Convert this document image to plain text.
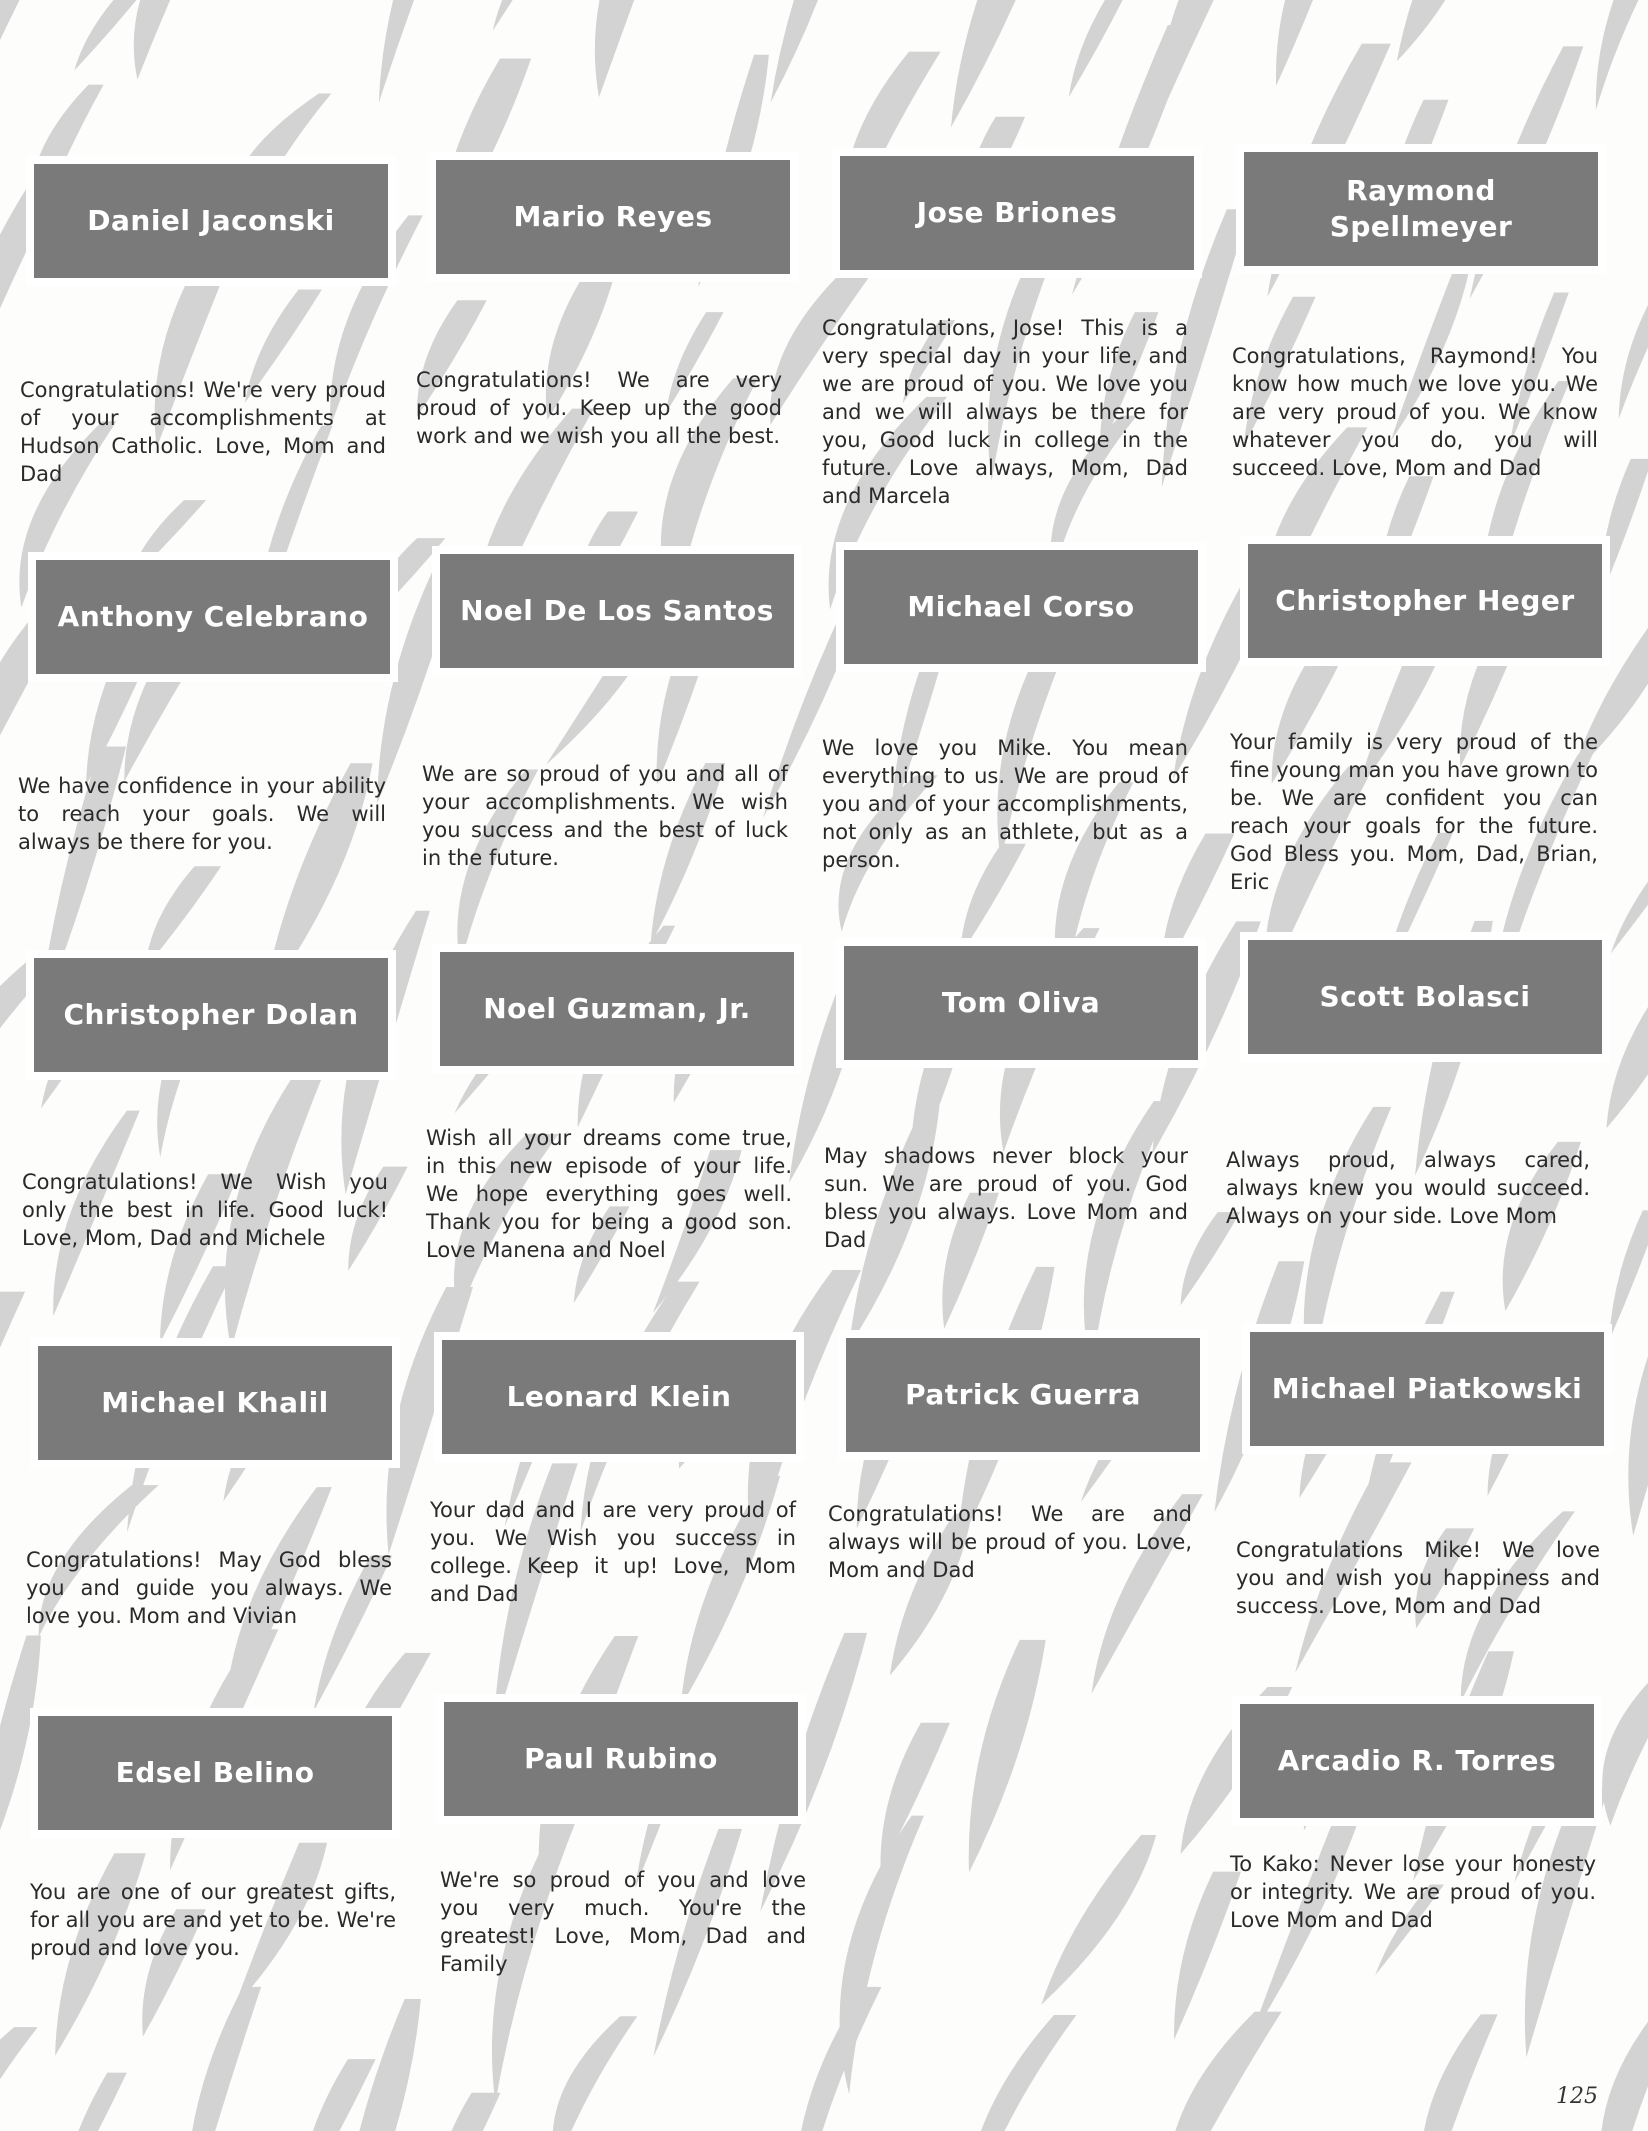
Daniel Jaconski
Congratulations! We're very proud of your accomplishments at Hudson Catholic. Love, Mom and Dad
Mario Reyes
Congratulations! We are very proud of you. Keep up the good work and we wish you all the best.
Jose Briones
Congratulations, Jose! This is a very special day in your life, and we are proud of you. We love you and we will always be there for you, Good luck in college in the future. Love always, Mom, Dad and Marcela
Raymond Spellmeyer
Congratulations, Raymond! You know how much we love you. We are very proud of you. We know whatever you do, you will succeed. Love, Mom and Dad
Anthony Celebrano
We have confidence in your ability to reach your goals. We will always be there for you.
Noel De Los Santos
We are so proud of you and all of your accomplishments. We wish you success and the best of luck in the future.
Michael Corso
We love you Mike. You mean everything to us. We are proud of you and of your accomplishments, not only as an athlete, but as a person.
Christopher Heger
Your family is very proud of the fine young man you have grown to be. We are confident you can reach your goals for the future. God Bless you. Mom, Dad, Brian, Eric
Christopher Dolan
Congratulations! We Wish you only the best in life. Good luck! Love, Mom, Dad and Michele
Noel Guzman, Jr.
Wish all your dreams come true, in this new episode of your life. We hope everything goes well. Thank you for being a good son. Love Manena and Noel
Tom Oliva
May shadows never block your sun. We are proud of you. God bless you always. Love Mom and Dad
Scott Bolasci
Always proud, always cared, always knew you would succeed. Always on your side. Love Mom
Michael Khalil
Congratulations! May God bless you and guide you always. We love you. Mom and Vivian
Leonard Klein
Your dad and I are very proud of you. We Wish you success in college. Keep it up! Love, Mom and Dad
Patrick Guerra
Congratulations! We are and always will be proud of you. Love, Mom and Dad
Michael Piatkowski
Congratulations Mike! We love you and wish you happiness and success. Love, Mom and Dad
Edsel Belino
You are one of our greatest gifts, for all you are and yet to be. We're proud and love you.
Paul Rubino
We're so proud of you and love you very much. You're the greatest! Love, Mom, Dad and Family
Arcadio R. Torres
To Kako: Never lose your honesty or integrity. We are proud of you. Love Mom and Dad
125
